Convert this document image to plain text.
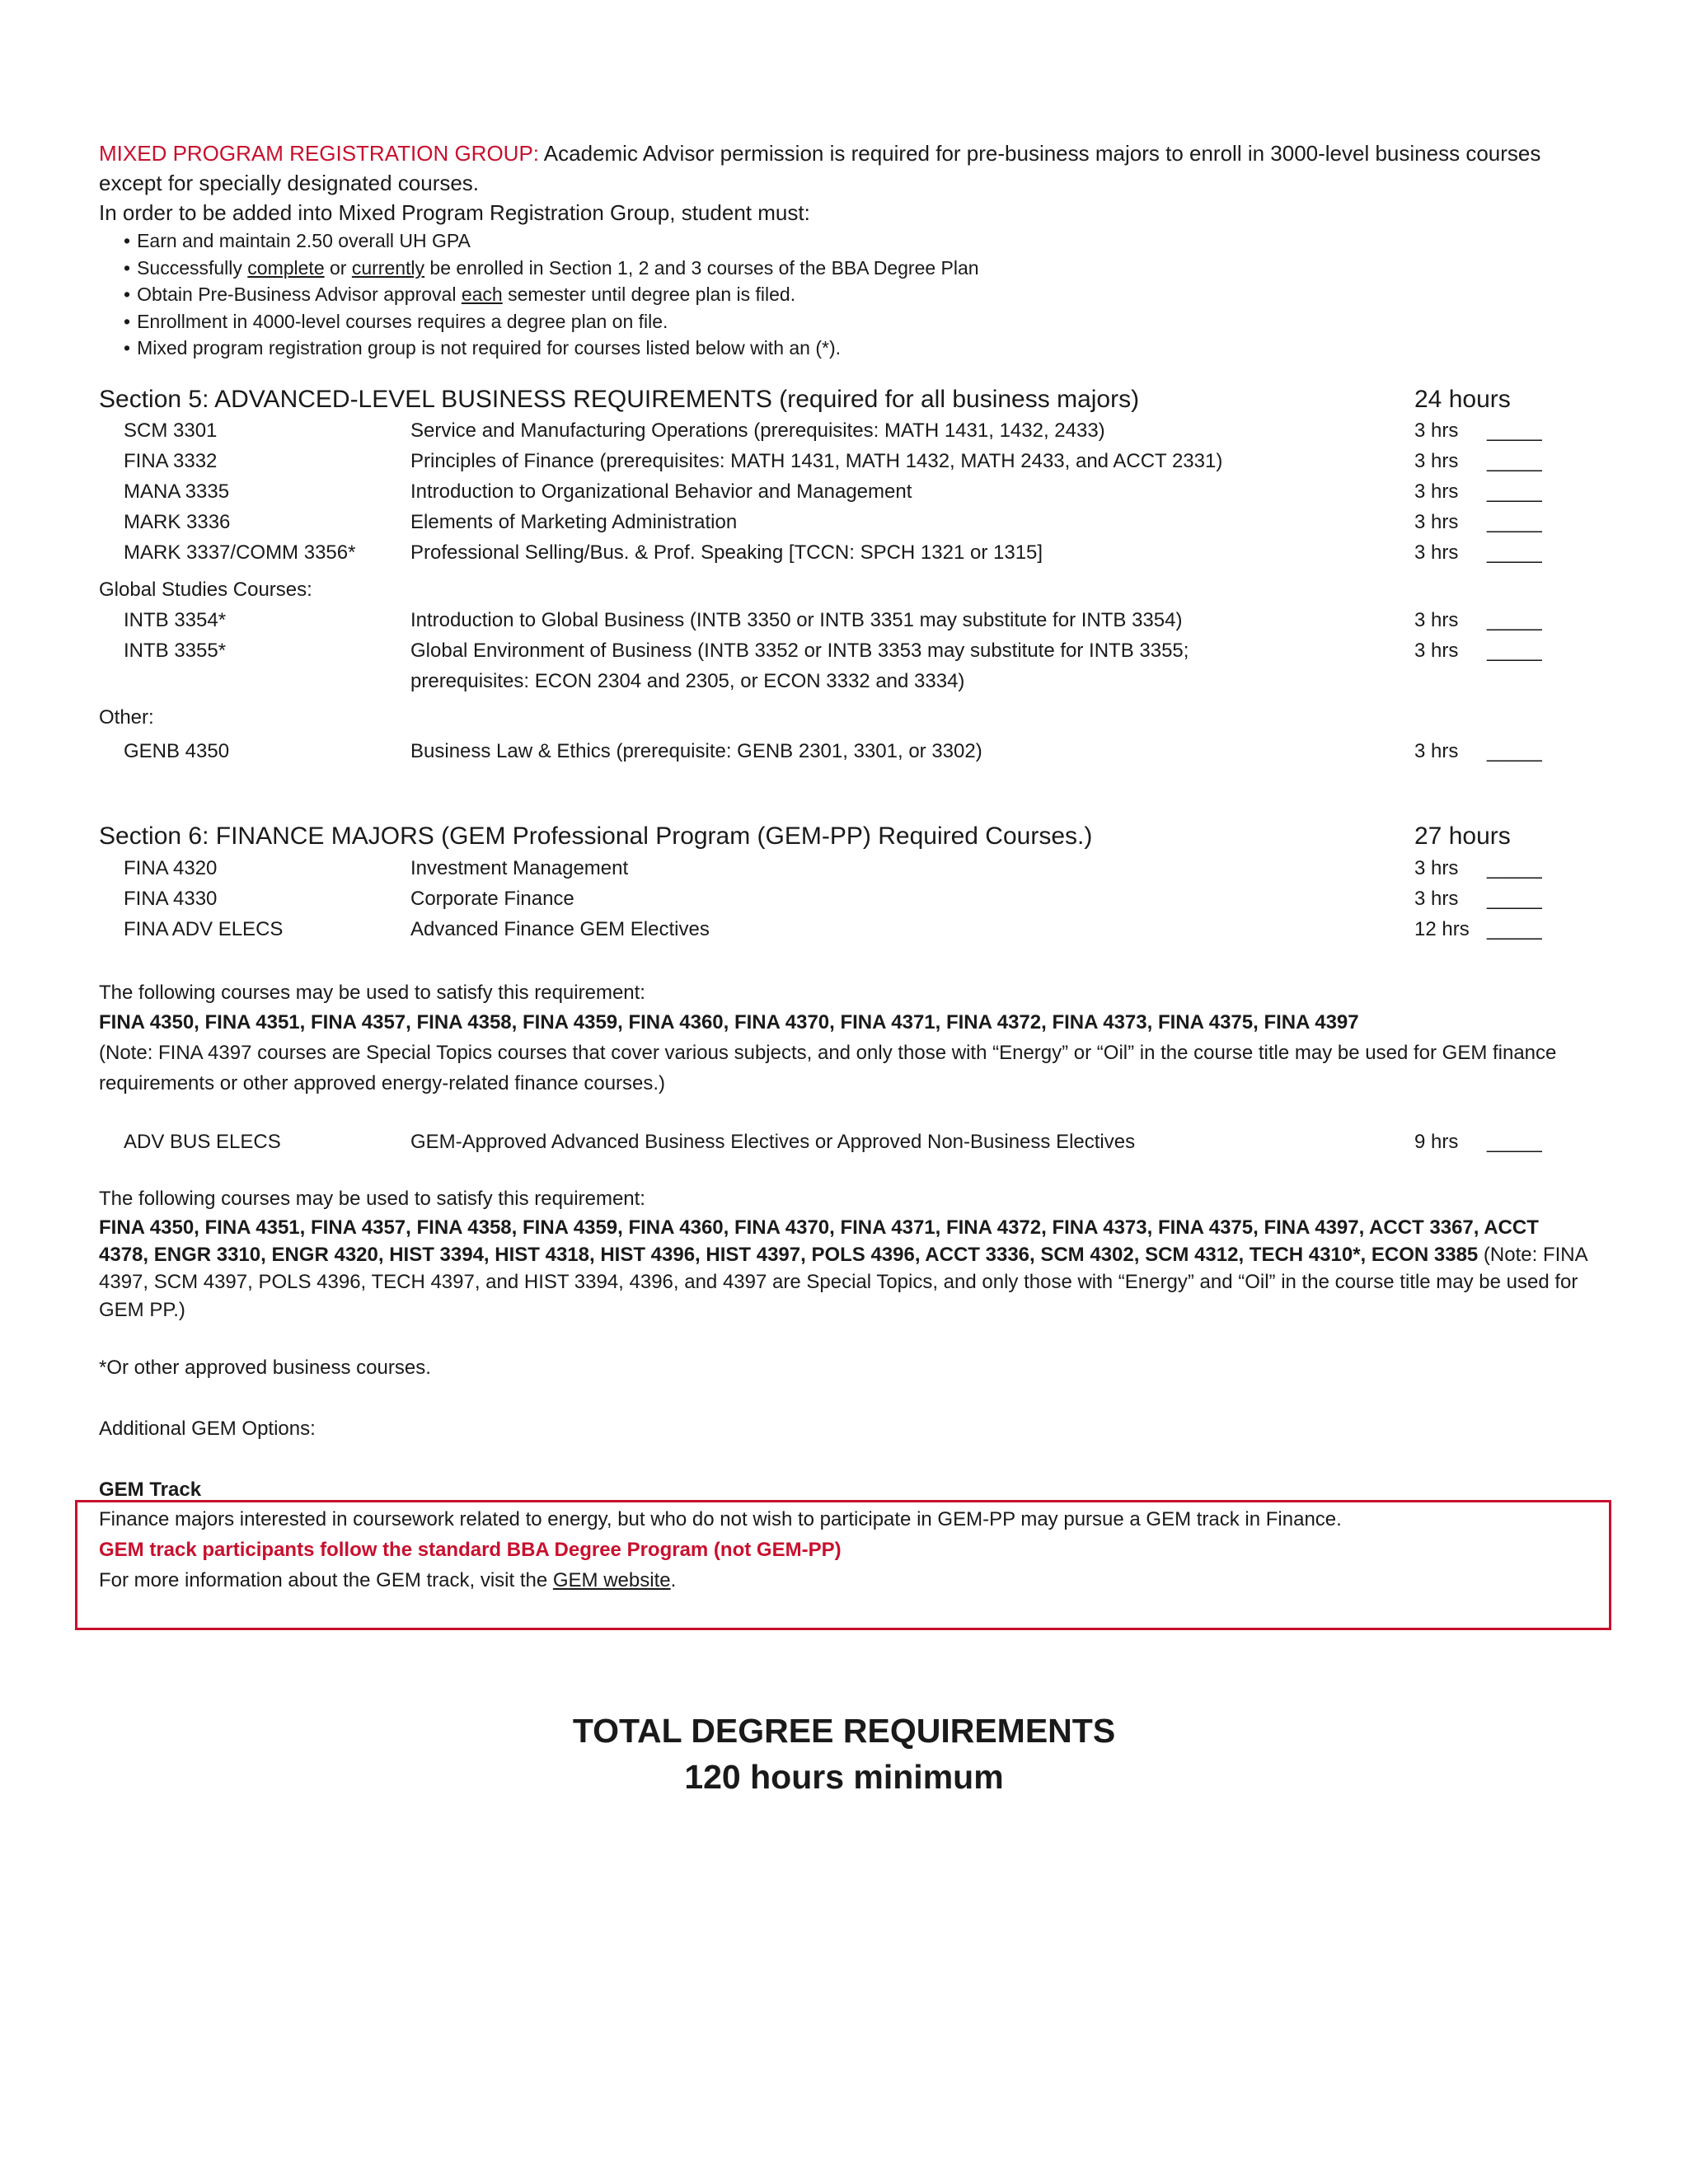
MIXED PROGRAM REGISTRATION GROUP: Academic Advisor permission is required for pre-business majors to enroll in 3000-level business courses
except for specially designated courses.
In order to be added into Mixed Program Registration Group, student must:
• Earn and maintain 2.50 overall UH GPA
• Successfully complete or currently be enrolled in Section 1, 2 and 3 courses of the BBA Degree Plan
• Obtain Pre-Business Advisor approval each semester until degree plan is filed.
• Enrollment in 4000-level courses requires a degree plan on file.
• Mixed program registration group is not required for courses listed below with an (*).
Section 5: ADVANCED-LEVEL BUSINESS REQUIREMENTS (required for all business majors)	24 hours
SCM 3301	Service and Manufacturing Operations (prerequisites: MATH 1431, 1432, 2433)	3 hrs _____
FINA 3332	Principles of Finance (prerequisites: MATH 1431, MATH 1432, MATH 2433, and ACCT 2331)	3 hrs _____
MANA 3335	Introduction to Organizational Behavior and Management	3 hrs _____
MARK 3336	Elements of Marketing Administration	3 hrs _____
MARK 3337/COMM 3356*	Professional Selling/Bus. & Prof. Speaking [TCCN: SPCH 1321 or 1315]	3 hrs _____
Global Studies Courses:
INTB 3354*	Introduction to Global Business (INTB 3350 or INTB 3351 may substitute for INTB 3354)	3 hrs _____
INTB 3355*	Global Environment of Business (INTB 3352 or INTB 3353 may substitute for INTB 3355;	3 hrs _____
prerequisites: ECON 2304 and 2305, or ECON 3332 and 3334)
Other:
GENB 4350	Business Law & Ethics (prerequisite: GENB 2301, 3301, or 3302)	3 hrs _____
Section 6: FINANCE MAJORS (GEM Professional Program (GEM-PP) Required Courses.)	27 hours
FINA 4320	Investment Management	3 hrs _____
FINA 4330	Corporate Finance	3 hrs _____
FINA ADV ELECS	Advanced Finance GEM Electives	12 hrs _____
The following courses may be used to satisfy this requirement:
FINA 4350, FINA 4351, FINA 4357, FINA 4358, FINA 4359, FINA 4360, FINA 4370, FINA 4371, FINA 4372, FINA 4373, FINA 4375, FINA 4397
(Note: FINA 4397 courses are Special Topics courses that cover various subjects, and only those with “Energy” or “Oil” in the course title may be used for GEM finance
requirements or other approved energy-related finance courses.)
ADV BUS ELECS	GEM-Approved Advanced Business Electives or Approved Non-Business Electives	9 hrs _____
The following courses may be used to satisfy this requirement:
FINA 4350, FINA 4351, FINA 4357, FINA 4358, FINA 4359, FINA 4360, FINA 4370, FINA 4371, FINA 4372, FINA 4373, FINA 4375, FINA 4397, ACCT 3367, ACCT
4378, ENGR 3310, ENGR 4320, HIST 3394, HIST 4318, HIST 4396, HIST 4397, POLS 4396, ACCT 3336, SCM 4302, SCM 4312, TECH 4310*, ECON 3385 (Note: FINA
4397, SCM 4397, POLS 4396, TECH 4397, and HIST 3394, 4396, and 4397 are Special Topics, and only those with “Energy” and “Oil” in the course title may be used for
GEM PP.)
*Or other approved business courses.
Additional GEM Options:
GEM Track
Finance majors interested in coursework related to energy, but who do not wish to participate in GEM-PP may pursue a GEM track in Finance.
GEM track participants follow the standard BBA Degree Program (not GEM-PP)
For more information about the GEM track, visit the GEM website.
TOTAL DEGREE REQUIREMENTS
120 hours minimum
